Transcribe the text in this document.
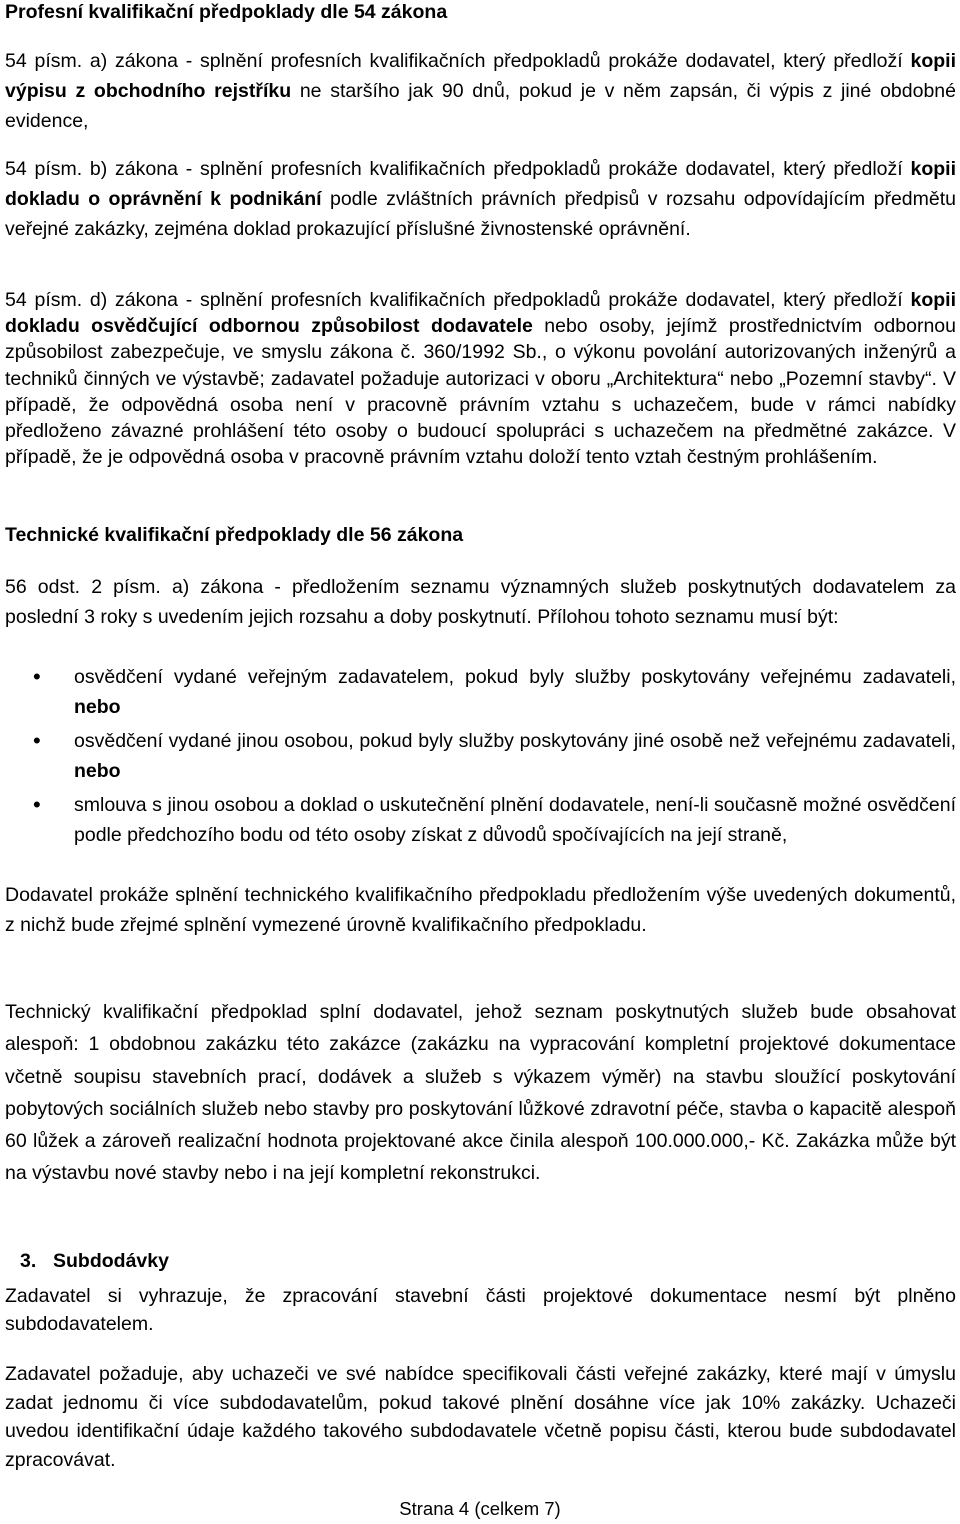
Profesní kvalifikační předpoklady dle 54 zákona

54 písm. a) zákona - splnění profesních kvalifikačních předpokladů prokáže dodavatel, který předloží kopii výpisu z obchodního rejstříku ne staršího jak 90 dnů, pokud je v něm zapsán, či výpis z jiné obdobné evidence,

54 písm. b) zákona - splnění profesních kvalifikačních předpokladů prokáže dodavatel, který předloží kopii dokladu o oprávnění k podnikání podle zvláštních právních předpisů v rozsahu odpovídajícím předmětu veřejné zakázky, zejména doklad prokazující příslušné živnostenské oprávnění.

54 písm. d) zákona - splnění profesních kvalifikačních předpokladů prokáže dodavatel, který předloží kopii dokladu osvědčující odbornou způsobilost dodavatele nebo osoby, jejímž prostřednictvím odbornou způsobilost zabezpečuje, ve smyslu zákona č. 360/1992 Sb., o výkonu povolání autorizovaných inženýrů a techniků činných ve výstavbě; zadavatel požaduje autorizaci v oboru „Architektura“ nebo „Pozemní stavby“. V případě, že odpovědná osoba není v pracovně právním vztahu s uchazečem, bude v rámci nabídky předloženo závazné prohlášení této osoby o budoucí spolupráci s uchazečem na předmětné zakázce. V případě, že je odpovědná osoba v pracovně právním vztahu doloží tento vztah čestným prohlášením.

Technické kvalifikační předpoklady dle 56 zákona

56 odst. 2 písm. a) zákona - předložením seznamu významných služeb poskytnutých dodavatelem za poslední 3 roky s uvedením jejich rozsahu a doby poskytnutí. Přílohou tohoto seznamu musí být:

• osvědčení vydané veřejným zadavatelem, pokud byly služby poskytovány veřejnému zadavateli, nebo
• osvědčení vydané jinou osobou, pokud byly služby poskytovány jiné osobě než veřejnému zadavateli, nebo
• smlouva s jinou osobou a doklad o uskutečnění plnění dodavatele, není-li současně možné osvědčení podle předchozího bodu od této osoby získat z důvodů spočívajících na její straně,

Dodavatel prokáže splnění technického kvalifikačního předpokladu předložením výše uvedených dokumentů, z nichž bude zřejmé splnění vymezené úrovně kvalifikačního předpokladu.

Technický kvalifikační předpoklad splní dodavatel, jehož seznam poskytnutých služeb bude obsahovat alespoň: 1 obdobnou zakázku této zakázce (zakázku na vypracování kompletní projektové dokumentace včetně soupisu stavebních prací, dodávek a služeb s výkazem výměr) na stavbu sloužící poskytování pobytových sociálních služeb nebo stavby pro poskytování lůžkové zdravotní péče, stavba o kapacitě alespoň 60 lůžek a zároveň realizační hodnota projektované akce činila alespoň 100.000.000,- Kč. Zakázka může být na výstavbu nové stavby nebo i na její kompletní rekonstrukci.

3. Subdodávky

Zadavatel si vyhrazuje, že zpracování stavební části projektové dokumentace nesmí být plněno subdodavatelem.

Zadavatel požaduje, aby uchazeči ve své nabídce specifikovali části veřejné zakázky, které mají v úmyslu zadat jednomu či více subdodavatelům, pokud takové plnění dosáhne více jak 10% zakázky. Uchazeči uvedou identifikační údaje každého takového subdodavatele včetně popisu části, kterou bude subdodavatel zpracovávat.

Strana 4 (celkem 7)
